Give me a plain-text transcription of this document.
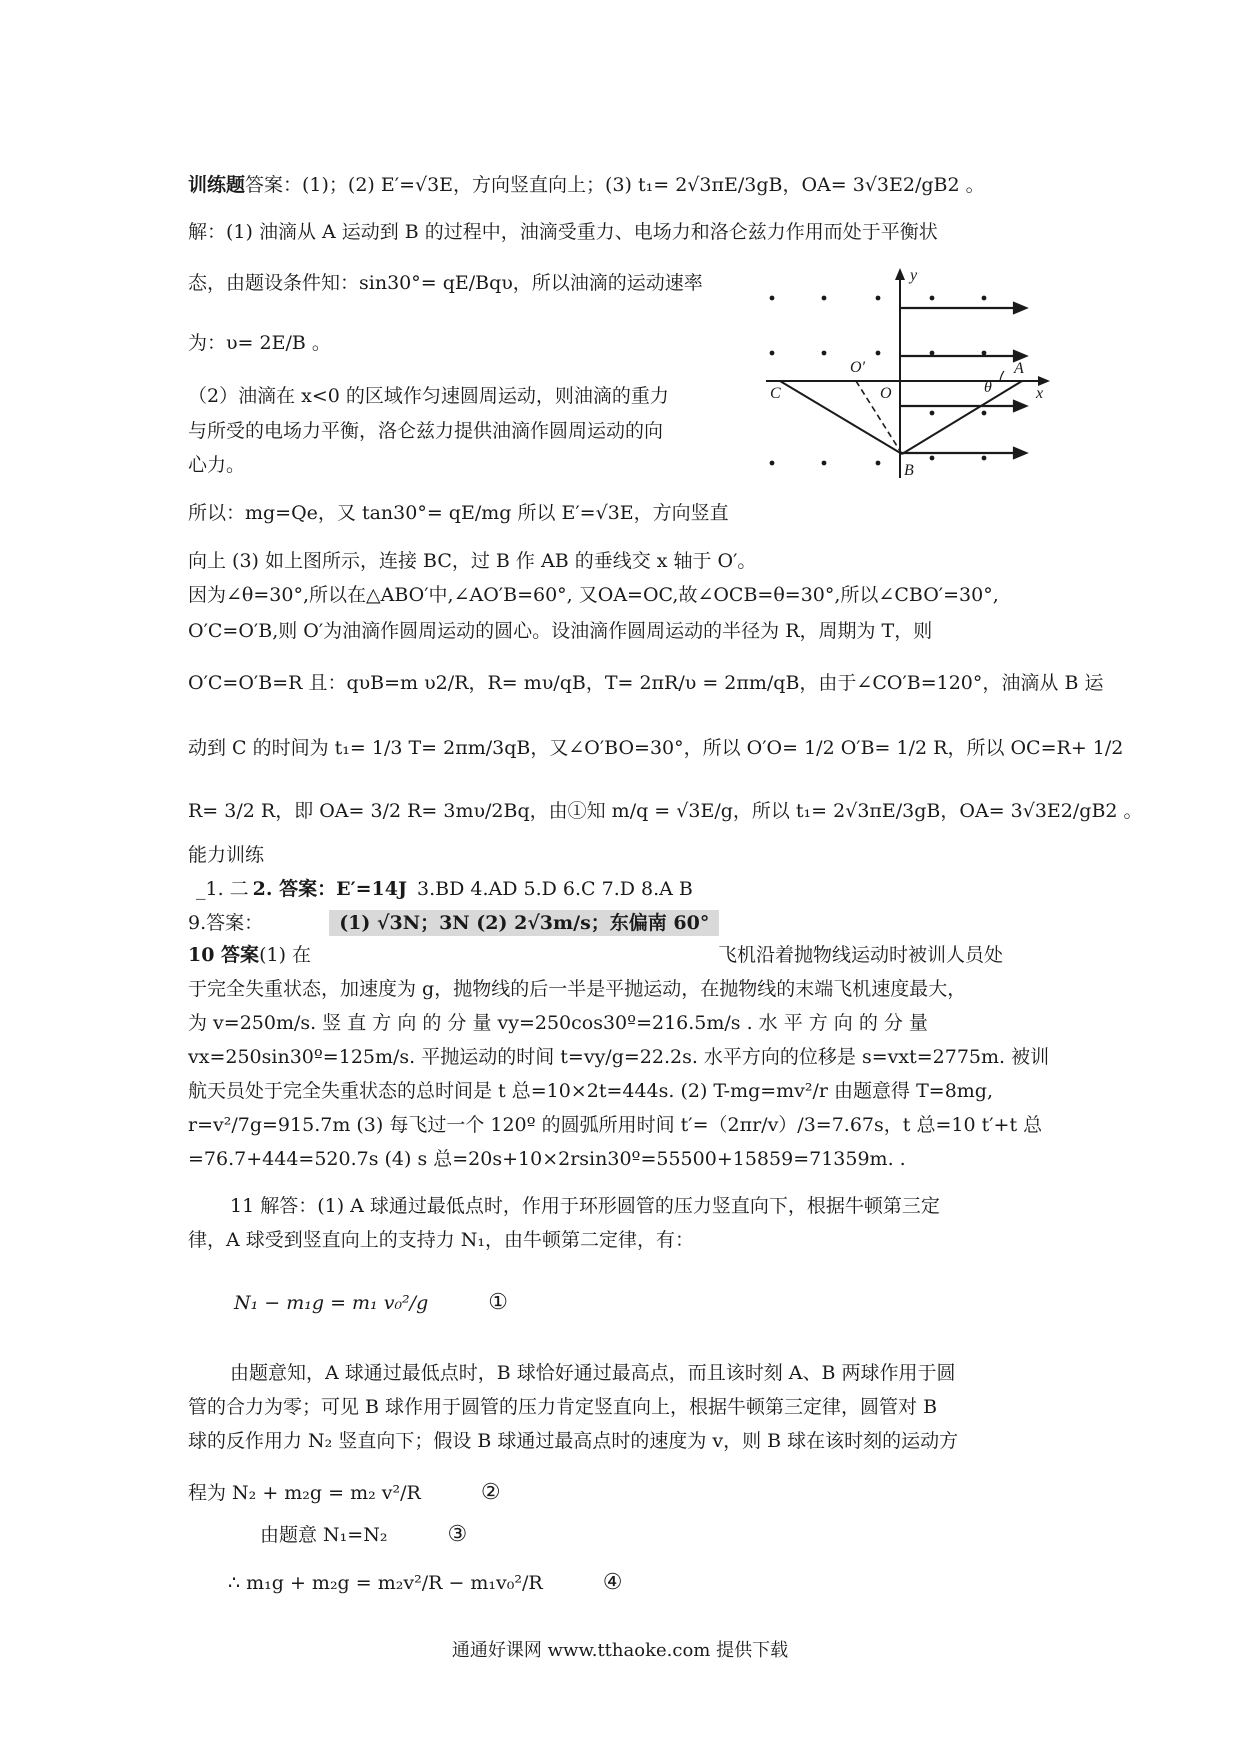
y
x
O′
O
A
B
C	θ
训练题答案：(1)；(2) E′=√3E，方向竖直向上；(3) t₁= 2√3πE/3gB，OA= 3√3E2/gB2 。
解：(1) 油滴从 A 运动到 B 的过程中，油滴受重力、电场力和洛仑兹力作用而处于平衡状
态，由题设条件知：sin30°= qE/Bqυ，所以油滴的运动速率
为：υ= 2E/B 。
（2）油滴在 x<0 的区域作匀速圆周运动，则油滴的重力
与所受的电场力平衡，洛仑兹力提供油滴作圆周运动的向
心力。
所以：mg=Qe，又 tan30°= qE/mg 所以 E′=√3E，方向竖直
向上 (3) 如上图所示，连接 BC，过 B 作 AB 的垂线交 x 轴于 O′。
因为∠θ=30°,所以在△ABO′中,∠AO′B=60°, 又OA=OC,故∠OCB=θ=30°,所以∠CBO′=30°,
O′C=O′B,则 O′为油滴作圆周运动的圆心。设油滴作圆周运动的半径为 R，周期为 T，则
O′C=O′B=R 且：qυB=m υ2/R，R= mυ/qB，T= 2πR/υ = 2πm/qB，由于∠CO′B=120°，油滴从 B 运
动到 C 的时间为 t₁= 1/3 T= 2πm/3qB，又∠O′BO=30°，所以 O′O= 1/2 O′B= 1/2 R，所以 OC=R+ 1/2
R= 3/2 R，即 OA= 3/2 R= 3mυ/2Bq，由①知 m/q = √3E/g，所以 t₁= 2√3πE/3gB，OA= 3√3E2/gB2 。
能力训练
_1. 二 2. 答案：E′=14J 3.BD 4.AD 5.D 6.C 7.D 8.A B
9.答案：	(1) √3N；3N (2) 2√3m/s；东偏南 60°
10 答案(1) 在	飞机沿着抛物线运动时被训人员处
于完全失重状态，加速度为 g，抛物线的后一半是平抛运动，在抛物线的末端飞机速度最大，
为 v=250m/s. 竖 直 方 向 的 分 量 vy=250cos30º=216.5m/s . 水 平 方 向 的 分 量
vx=250sin30º=125m/s. 平抛运动的时间 t=vy/g=22.2s. 水平方向的位移是 s=vxt=2775m. 被训
航天员处于完全失重状态的总时间是 t 总=10×2t=444s. (2) T-mg=mv²/r 由题意得 T=8mg,
r=v²/7g=915.7m (3) 每飞过一个 120º 的圆弧所用时间 t′=（2πr/v）/3=7.67s，t 总=10 t′+t 总
=76.7+444=520.7s (4) s 总=20s+10×2rsin30º=55500+15859=71359m. .
11 解答：(1) A 球通过最低点时，作用于环形圆管的压力竖直向下，根据牛顿第三定
律，A 球受到竖直向上的支持力 N₁，由牛顿第二定律，有：
N₁ − m₁g = m₁ v₀²/g	①
由题意知，A 球通过最低点时，B 球恰好通过最高点，而且该时刻 A、B 两球作用于圆
管的合力为零；可见 B 球作用于圆管的压力肯定竖直向上，根据牛顿第三定律，圆管对 B
球的反作用力 N₂ 竖直向下；假设 B 球通过最高点时的速度为 v，则 B 球在该时刻的运动方
程为 N₂ + m₂g = m₂ v²/R	②
由题意 N₁=N₂	③
∴ m₁g + m₂g = m₂v²/R − m₁v₀²/R	④
通通好课网 www.tthaoke.com 提供下载
